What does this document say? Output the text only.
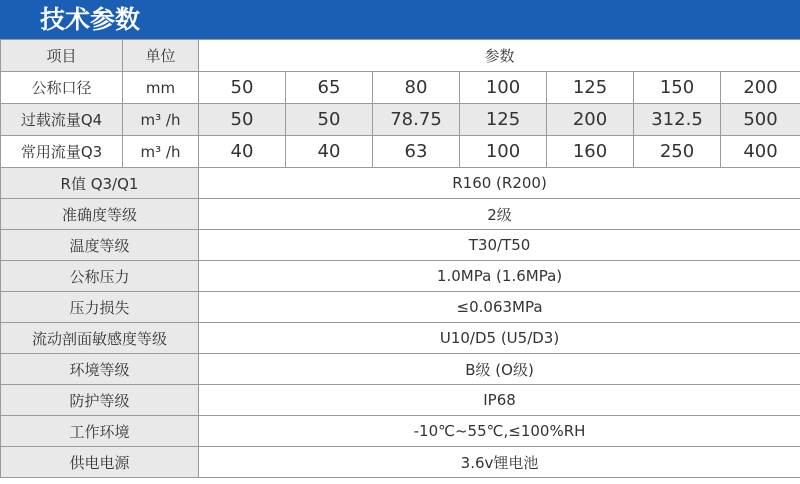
技术参数
项目	单位	参数						
公称口径	mm	50	65	80	100	125	150	200
过载流量Q4	m³ /h	50	50	78.75	125	200	312.5	500
常用流量Q3	m³ /h	40	40	63	100	160	250	400
R值 Q3/Q1		R160 (R200)						
准确度等级		2级						
温度等级		T30/T50						
公称压力		1.0MPa (1.6MPa)						
压力损失		≤0.063MPa						
流动剖面敏感度等级		U10/D5 (U5/D3)						
环境等级		B级 (O级)						
防护等级		IP68						
工作环境		-10℃~55℃,≤100%RH						
供电电源		3.6v锂电池						
